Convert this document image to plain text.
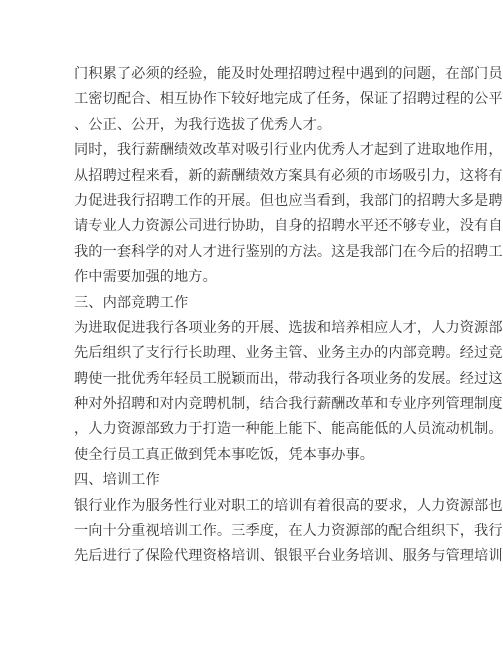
门积累了必须的经验，能及时处理招聘过程中遇到的问题，在部门员
工密切配合、相互协作下较好地完成了任务，保证了招聘过程的公平
、公正、公开，为我行选拔了优秀人才。
同时，我行薪酬绩效改革对吸引行业内优秀人才起到了进取地作用，
从招聘过程来看，新的薪酬绩效方案具有必须的市场吸引力，这将有
力促进我行招聘工作的开展。但也应当看到，我部门的招聘大多是聘
请专业人力资源公司进行协助，自身的招聘水平还不够专业，没有自
我的一套科学的对人才进行鉴别的方法。这是我部门在今后的招聘工
作中需要加强的地方。
三、内部竞聘工作
为进取促进我行各项业务的开展、选拔和培养相应人才，人力资源部
先后组织了支行行长助理、业务主管、业务主办的内部竞聘。经过竞
聘使一批优秀年轻员工脱颖而出，带动我行各项业务的发展。经过这
种对外招聘和对内竞聘机制，结合我行薪酬改革和专业序列管理制度
，人力资源部致力于打造一种能上能下、能高能低的人员流动机制。
使全行员工真正做到凭本事吃饭，凭本事办事。
四、培训工作
银行业作为服务性行业对职工的培训有着很高的要求，人力资源部也
一向十分重视培训工作。三季度，在人力资源部的配合组织下，我行
先后进行了保险代理资格培训、银银平台业务培训、服务与管理培训
